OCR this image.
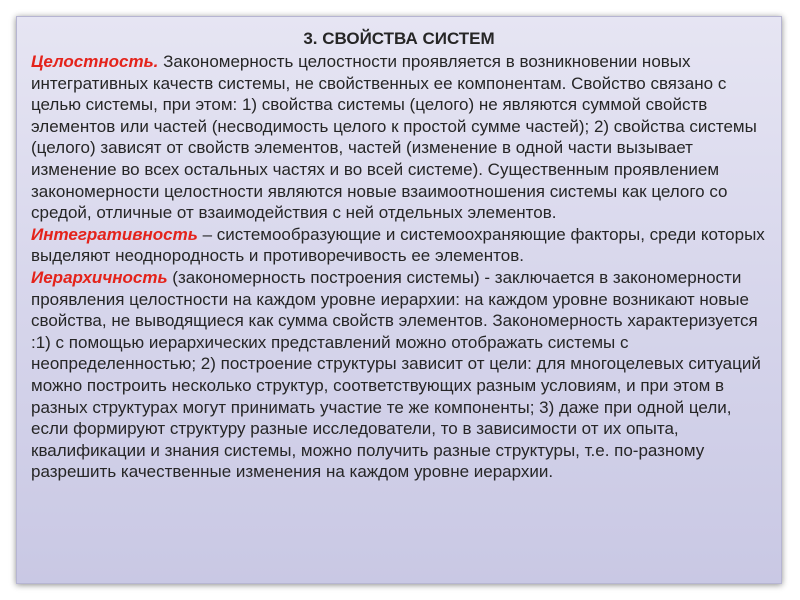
3. СВОЙСТВА СИСТЕМ
Целостность. Закономерность целостности проявляется в возникновении новых интегративных качеств системы, не свойственных ее компонентам. Свойство связано с целью системы, при этом: 1) свойства системы (целого) не являются суммой свойств элементов или частей (несводимость целого к простой сумме частей); 2) свойства системы (целого) зависят от свойств элементов, частей (изменение в одной части вызывает изменение во всех остальных частях и во всей системе). Существенным проявлением закономерности целостности являются новые взаимоотношения системы как целого со средой, отличные от взаимодействия с ней отдельных элементов.
Интегративность – системообразующие и системоохраняющие факторы, среди которых выделяют неоднородность и противоречивость ее элементов.
Иерархичность (закономерность построения системы) - заключается в закономерности проявления целостности на каждом уровне иерархии: на каждом уровне возникают новые свойства, не выводящиеся как сумма свойств элементов. Закономерность характеризуется :1) с помощью иерархических представлений можно отображать системы с неопределенностью; 2) построение структуры зависит от цели: для многоцелевых ситуаций можно построить несколько структур, соответствующих разным условиям, и при этом в разных структурах могут принимать участие те же компоненты; 3) даже при одной цели, если формируют структуру разные исследователи, то в зависимости от их опыта, квалификации и знания системы, можно получить разные структуры, т.е. по-разному разрешить качественные изменения на каждом уровне иерархии.
